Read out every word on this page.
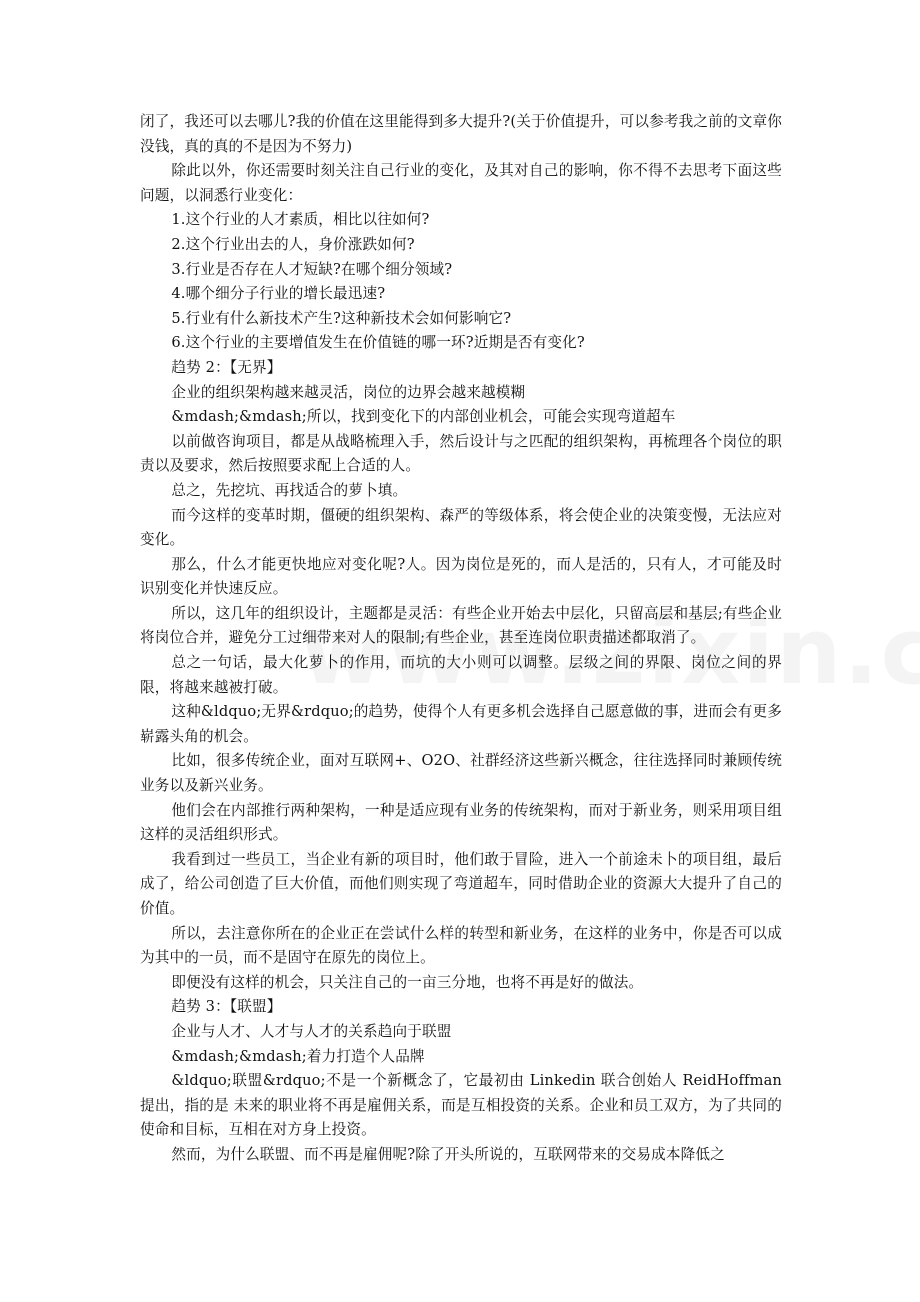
闭了，我还可以去哪儿?我的价值在这里能得到多大提升?(关于价值提升，可以参考我之前的文章你没钱，真的真的不是因为不努力)

除此以外，你还需要时刻关注自己行业的变化，及其对自己的影响，你不得不去思考下面这些问题，以洞悉行业变化：

1.这个行业的人才素质，相比以往如何?

2.这个行业出去的人，身价涨跌如何?

3.行业是否存在人才短缺?在哪个细分领域?

4.哪个细分子行业的增长最迅速?

5.行业有什么新技术产生?这种新技术会如何影响它?

6.这个行业的主要增值发生在价值链的哪一环?近期是否有变化?

趋势 2：【无界】

企业的组织架构越来越灵活，岗位的边界会越来越模糊

&mdash;&mdash;所以，找到变化下的内部创业机会，可能会实现弯道超车

以前做咨询项目，都是从战略梳理入手，然后设计与之匹配的组织架构，再梳理各个岗位的职责以及要求，然后按照要求配上合适的人。

总之，先挖坑、再找适合的萝卜填。

而今这样的变革时期，僵硬的组织架构、森严的等级体系，将会使企业的决策变慢，无法应对变化。

那么，什么才能更快地应对变化呢?人。因为岗位是死的，而人是活的，只有人，才可能及时识别变化并快速反应。

所以，这几年的组织设计，主题都是灵活：有些企业开始去中层化，只留高层和基层;有些企业将岗位合并，避免分工过细带来对人的限制;有些企业，甚至连岗位职责描述都取消了。

总之一句话，最大化萝卜的作用，而坑的大小则可以调整。层级之间的界限、岗位之间的界限，将越来越被打破。

这种&ldquo;无界&rdquo;的趋势，使得个人有更多机会选择自己愿意做的事，进而会有更多崭露头角的机会。

比如，很多传统企业，面对互联网+、O2O、社群经济这些新兴概念，往往选择同时兼顾传统业务以及新兴业务。

他们会在内部推行两种架构，一种是适应现有业务的传统架构，而对于新业务，则采用项目组这样的灵活组织形式。

我看到过一些员工，当企业有新的项目时，他们敢于冒险，进入一个前途未卜的项目组，最后成了，给公司创造了巨大价值，而他们则实现了弯道超车，同时借助企业的资源大大提升了自己的价值。

所以，去注意你所在的企业正在尝试什么样的转型和新业务，在这样的业务中，你是否可以成为其中的一员，而不是固守在原先的岗位上。

即便没有这样的机会，只关注自己的一亩三分地，也将不再是好的做法。

趋势 3：【联盟】

企业与人才、人才与人才的关系趋向于联盟

&mdash;&mdash;着力打造个人品牌

&ldquo;联盟&rdquo;不是一个新概念了，它最初由 Linkedin 联合创始人 ReidHoffman 提出，指的是 未来的职业将不再是雇佣关系，而是互相投资的关系。企业和员工双方，为了共同的使命和目标，互相在对方身上投资。

然而，为什么联盟、而不再是雇佣呢?除了开头所说的，互联网带来的交易成本降低之
